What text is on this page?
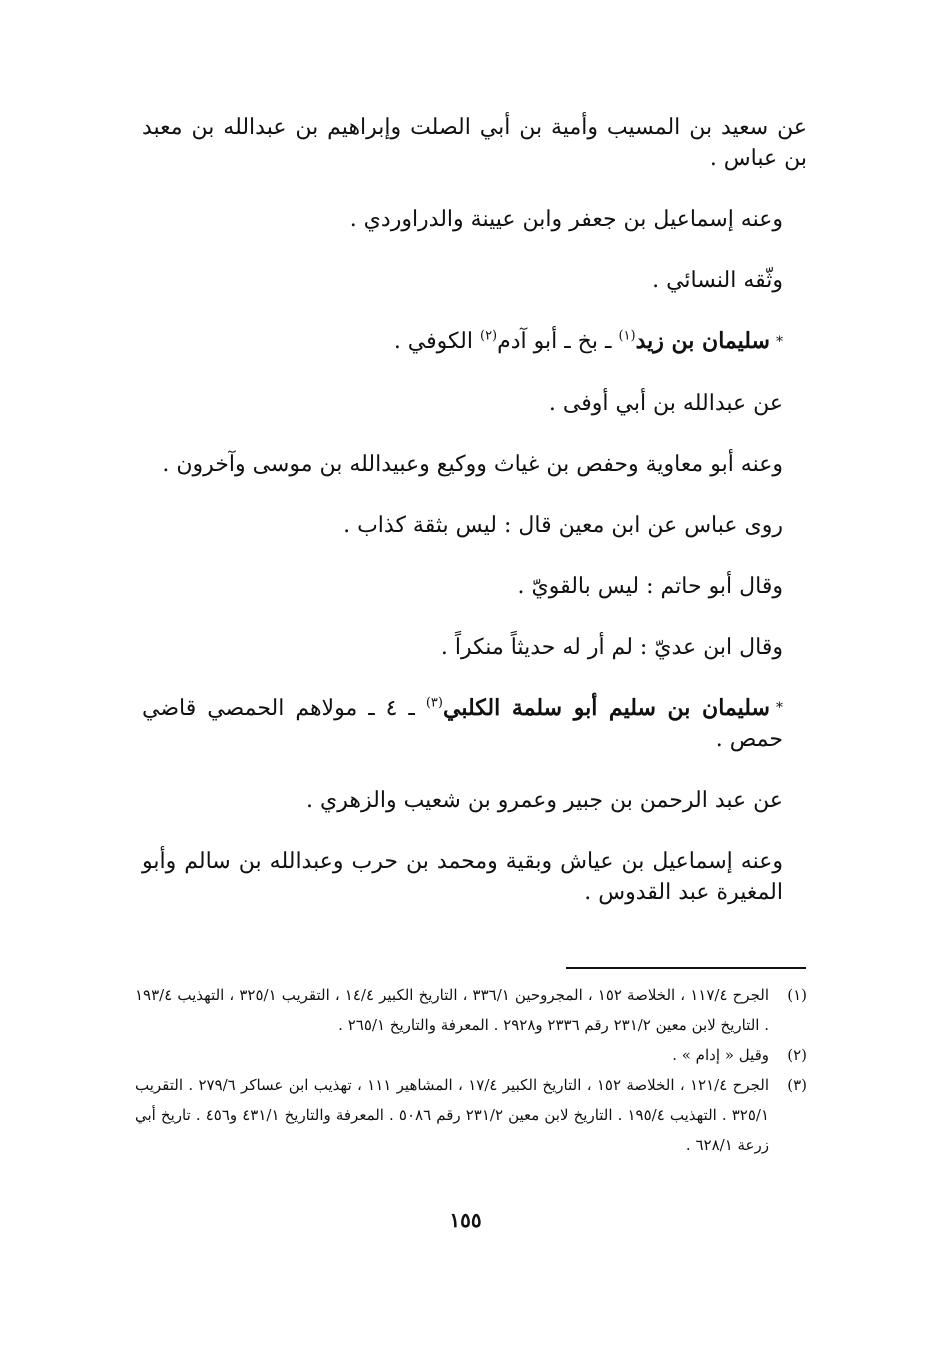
عن سعيد بن المسيب وأمية بن أبي الصلت وإبراهيم بن عبدالله بن معبد بن عباس .

وعنه إسماعيل بن جعفر وابن عيينة والدراوردي .

وثّقه النسائي .

*سليمان بن زيد$^{(١)}$ ـ بخ ـ أبو آدم$^{(٢)}$ الكوفي .

عن عبدالله بن أبي أوفى .

وعنه أبو معاوية وحفص بن غياث ووكيع وعبيدالله بن موسى وآخرون .

روى عباس عن ابن معين قال : ليس بثقة كذاب .

وقال أبو حاتم : ليس بالقويّ .

وقال ابن عديّ : لم أر له حديثاً منكراً .

*سليمان بن سليم أبو سلمة الكلبي$^{(٣)}$ ـ ٤ ـ مولاهم الحمصي قاضي حمص .

عن عبد الرحمن بن جبير وعمرو بن شعيب والزهري .

وعنه إسماعيل بن عياش وبقية ومحمد بن حرب وعبدالله بن سالم وأبو المغيرة عبد القدوس .

(١)
الجرح ١١٧/٤ ، الخلاصة ١٥٢ ، المجروحين ٣٣٦/١ ، التاريخ الكبير ١٤/٤ ، التقريب ٣٢٥/١ ، التهذيب ١٩٣/٤ . التاريخ لابن معين ٢٣١/٢ رقم ٢٣٣٦ و٢٩٢٨ . المعرفة والتاريخ ٢٦٥/١ .
(٢)
وقيل « إدام » .
(٣)
الجرح ١٢١/٤ ، الخلاصة ١٥٢ ، التاريخ الكبير ١٧/٤ ، المشاهير ١١١ ، تهذيب ابن عساكر ٢٧٩/٦ . التقريب ٣٢٥/١ . التهذيب ١٩٥/٤ . التاريخ لابن معين ٢٣١/٢ رقم ٥٠٨٦ . المعرفة والتاريخ ٤٣١/١ و٤٥٦ . تاريخ أبي زرعة ٦٢٨/١ .
١٥٥
